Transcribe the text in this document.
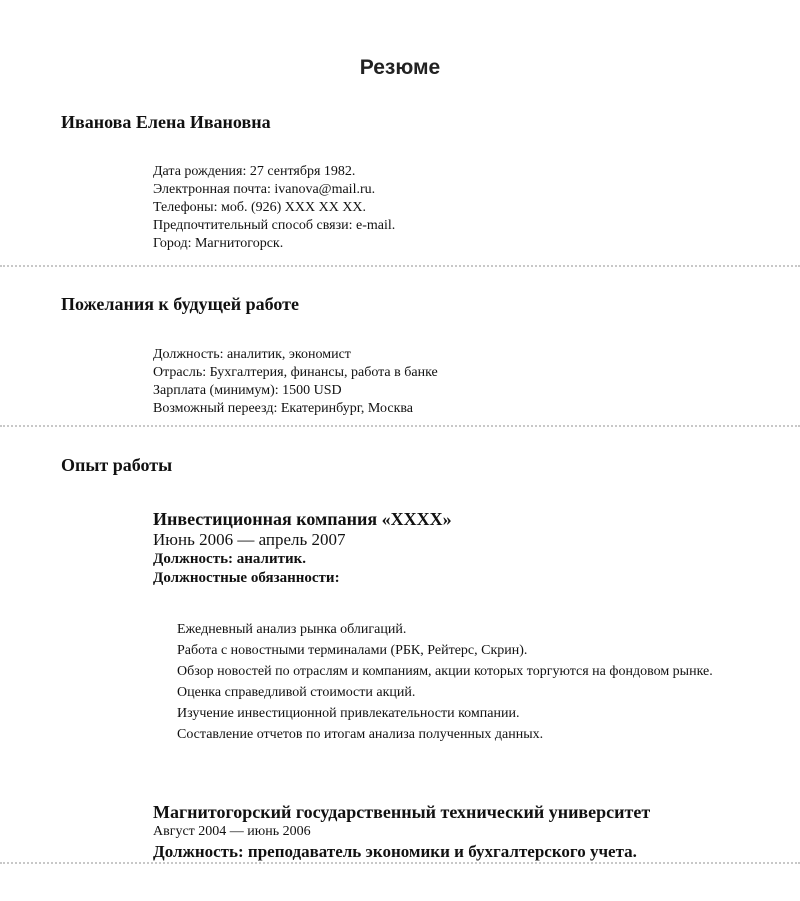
Резюме
Иванова Елена Ивановна
Дата рождения: 27 сентября 1982.
Электронная почта: ivanova@mail.ru.
Телефоны: моб. (926) XXX XX XX.
Предпочтительный способ связи: e-mail.
Город: Магнитогорск.
Пожелания к будущей работе
Должность: аналитик, экономист
Отрасль: Бухгалтерия, финансы, работа в банке
Зарплата (минимум): 1500 USD
Возможный переезд: Екатеринбург, Москва
Опыт работы
Инвестиционная компания «XXXX»
Июнь 2006 — апрель 2007
Должность: аналитик.
Должностные обязанности:
Ежедневный анализ рынка облигаций.
Работа с новостными терминалами (РБК, Рейтерс, Скрин).
Обзор новостей по отраслям и компаниям, акции которых торгуются на фондовом рынке.
Оценка справедливой стоимости акций.
Изучение инвестиционной привлекательности компании.
Составление отчетов по итогам анализа полученных данных.
Магнитогорский государственный технический университет
Август 2004 — июнь 2006
Должность: преподаватель экономики и бухгалтерского учета.
